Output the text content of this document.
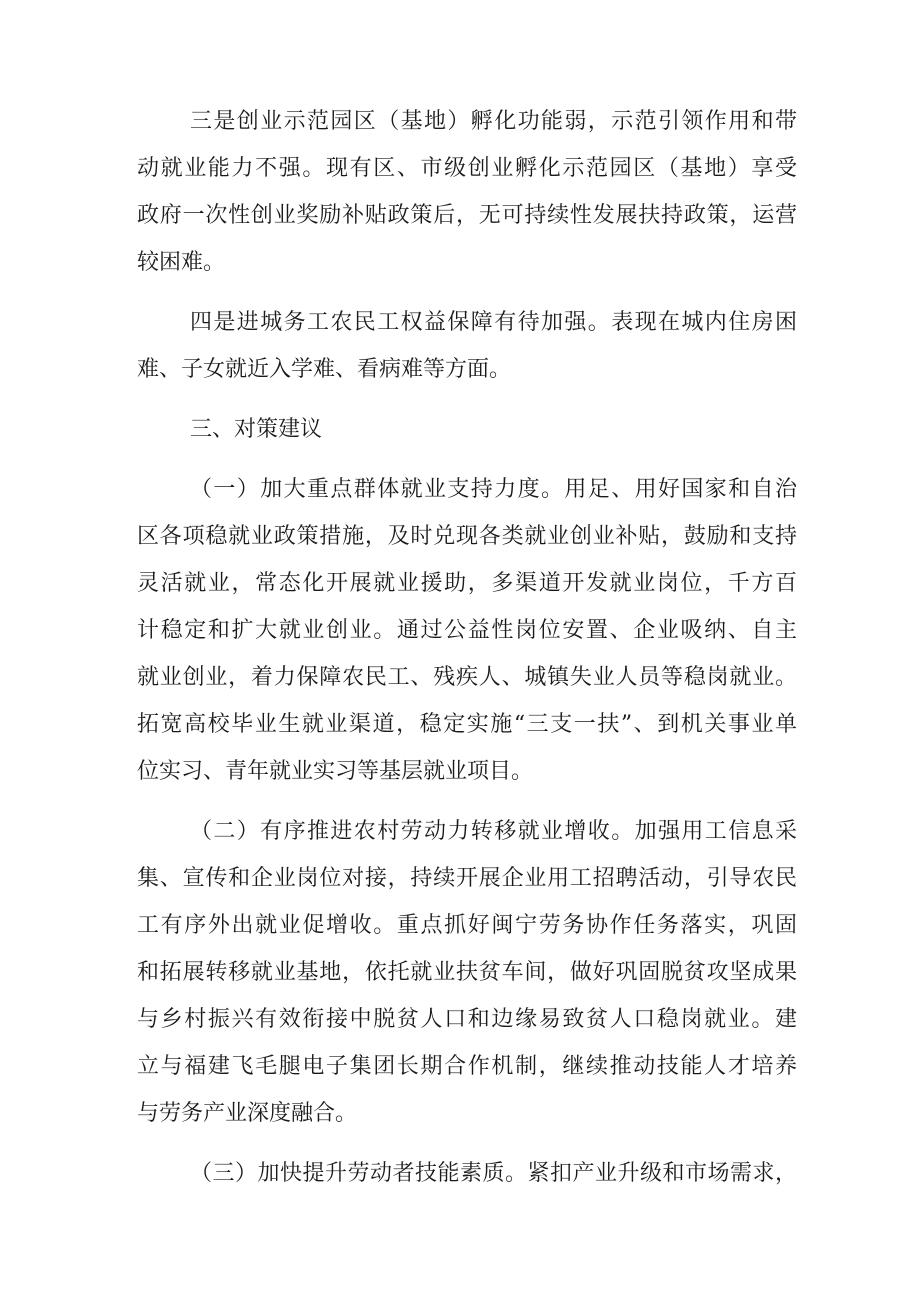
三是创业示范园区（基地）孵化功能弱，示范引领作用和带
动就业能力不强。现有区、市级创业孵化示范园区（基地）享受
政府一次性创业奖励补贴政策后，无可持续性发展扶持政策，运营
较困难。
四是进城务工农民工权益保障有待加强。表现在城内住房困
难、子女就近入学难、看病难等方面。
三、对策建议
（一）加大重点群体就业支持力度。用足、用好国家和自治
区各项稳就业政策措施，及时兑现各类就业创业补贴，鼓励和支持
灵活就业，常态化开展就业援助，多渠道开发就业岗位，千方百
计稳定和扩大就业创业。通过公益性岗位安置、企业吸纳、自主
就业创业，着力保障农民工、残疾人、城镇失业人员等稳岗就业。
拓宽高校毕业生就业渠道，稳定实施“三支一扶”、到机关事业单
位实习、青年就业实习等基层就业项目。
（二）有序推进农村劳动力转移就业增收。加强用工信息采
集、宣传和企业岗位对接，持续开展企业用工招聘活动，引导农民
工有序外出就业促增收。重点抓好闽宁劳务协作任务落实，巩固
和拓展转移就业基地，依托就业扶贫车间，做好巩固脱贫攻坚成果
与乡村振兴有效衔接中脱贫人口和边缘易致贫人口稳岗就业。建
立与福建飞毛腿电子集团长期合作机制，继续推动技能人才培养
与劳务产业深度融合。
（三）加快提升劳动者技能素质。紧扣产业升级和市场需求，
